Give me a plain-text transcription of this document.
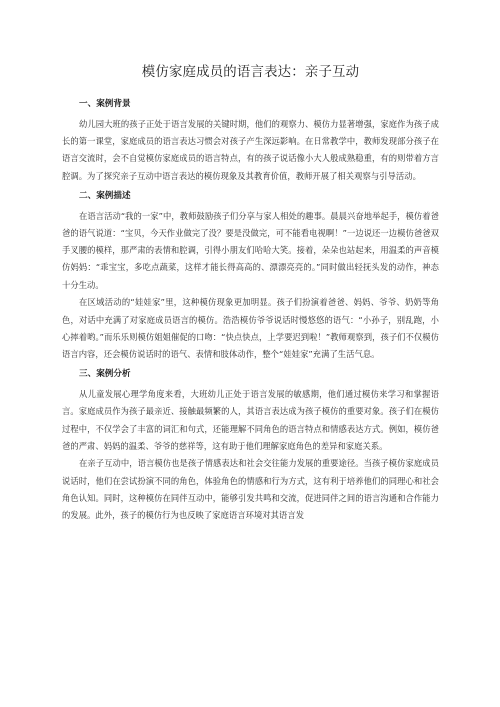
模仿家庭成员的语言表达：亲子互动
一、案例背景

幼儿园大班的孩子正处于语言发展的关键时期，他们的观察力、模仿力显著增强，家庭作为孩子成长的第一课堂，家庭成员的语言表达习惯会对孩子产生深远影响。在日常教学中，教师发现部分孩子在语言交流时，会不自觉模仿家庭成员的语言特点，有的孩子说话像小大人般成熟稳重，有的则带着方言腔调。为了探究亲子互动中语言表达的模仿现象及其教育价值，教师开展了相关观察与引导活动。

二、案例描述

在语言活动“我的一家”中，教师鼓励孩子们分享与家人相处的趣事。晨晨兴奋地举起手，模仿着爸爸的语气说道：“宝贝，今天作业做完了没？要是没做完，可不能看电视啊！”一边说还一边模仿爸爸双手叉腰的模样，那严肃的表情和腔调，引得小朋友们哈哈大笑。接着，朵朵也站起来，用温柔的声音模仿妈妈：“乖宝宝，多吃点蔬菜，这样才能长得高高的、漂漂亮亮的。”同时做出轻抚头发的动作，神态十分生动。

在区域活动的“娃娃家”里，这种模仿现象更加明显。孩子们扮演着爸爸、妈妈、爷爷、奶奶等角色，对话中充满了对家庭成员语言的模仿。浩浩模仿爷爷说话时慢悠悠的语气：“小孙子，别乱跑，小心摔着哟。”而乐乐则模仿姐姐催促的口吻：“快点快点，上学要迟到啦！”教师观察到，孩子们不仅模仿语言内容，还会模仿说话时的语气、表情和肢体动作，整个“娃娃家”充满了生活气息。

三、案例分析

从儿童发展心理学角度来看，大班幼儿正处于语言发展的敏感期，他们通过模仿来学习和掌握语言。家庭成员作为孩子最亲近、接触最频繁的人，其语言表达成为孩子模仿的重要对象。孩子们在模仿过程中，不仅学会了丰富的词汇和句式，还能理解不同角色的语言特点和情感表达方式。例如，模仿爸爸的严肃、妈妈的温柔、爷爷的慈祥等，这有助于他们理解家庭角色的差异和家庭关系。

在亲子互动中，语言模仿也是孩子情感表达和社会交往能力发展的重要途径。当孩子模仿家庭成员说话时，他们在尝试扮演不同的角色，体验角色的情感和行为方式，这有利于培养他们的同理心和社会角色认知。同时，这种模仿在同伴互动中，能够引发共鸣和交流，促进同伴之间的语言沟通和合作能力的发展。此外，孩子的模仿行为也反映了家庭语言环境对其语言发
